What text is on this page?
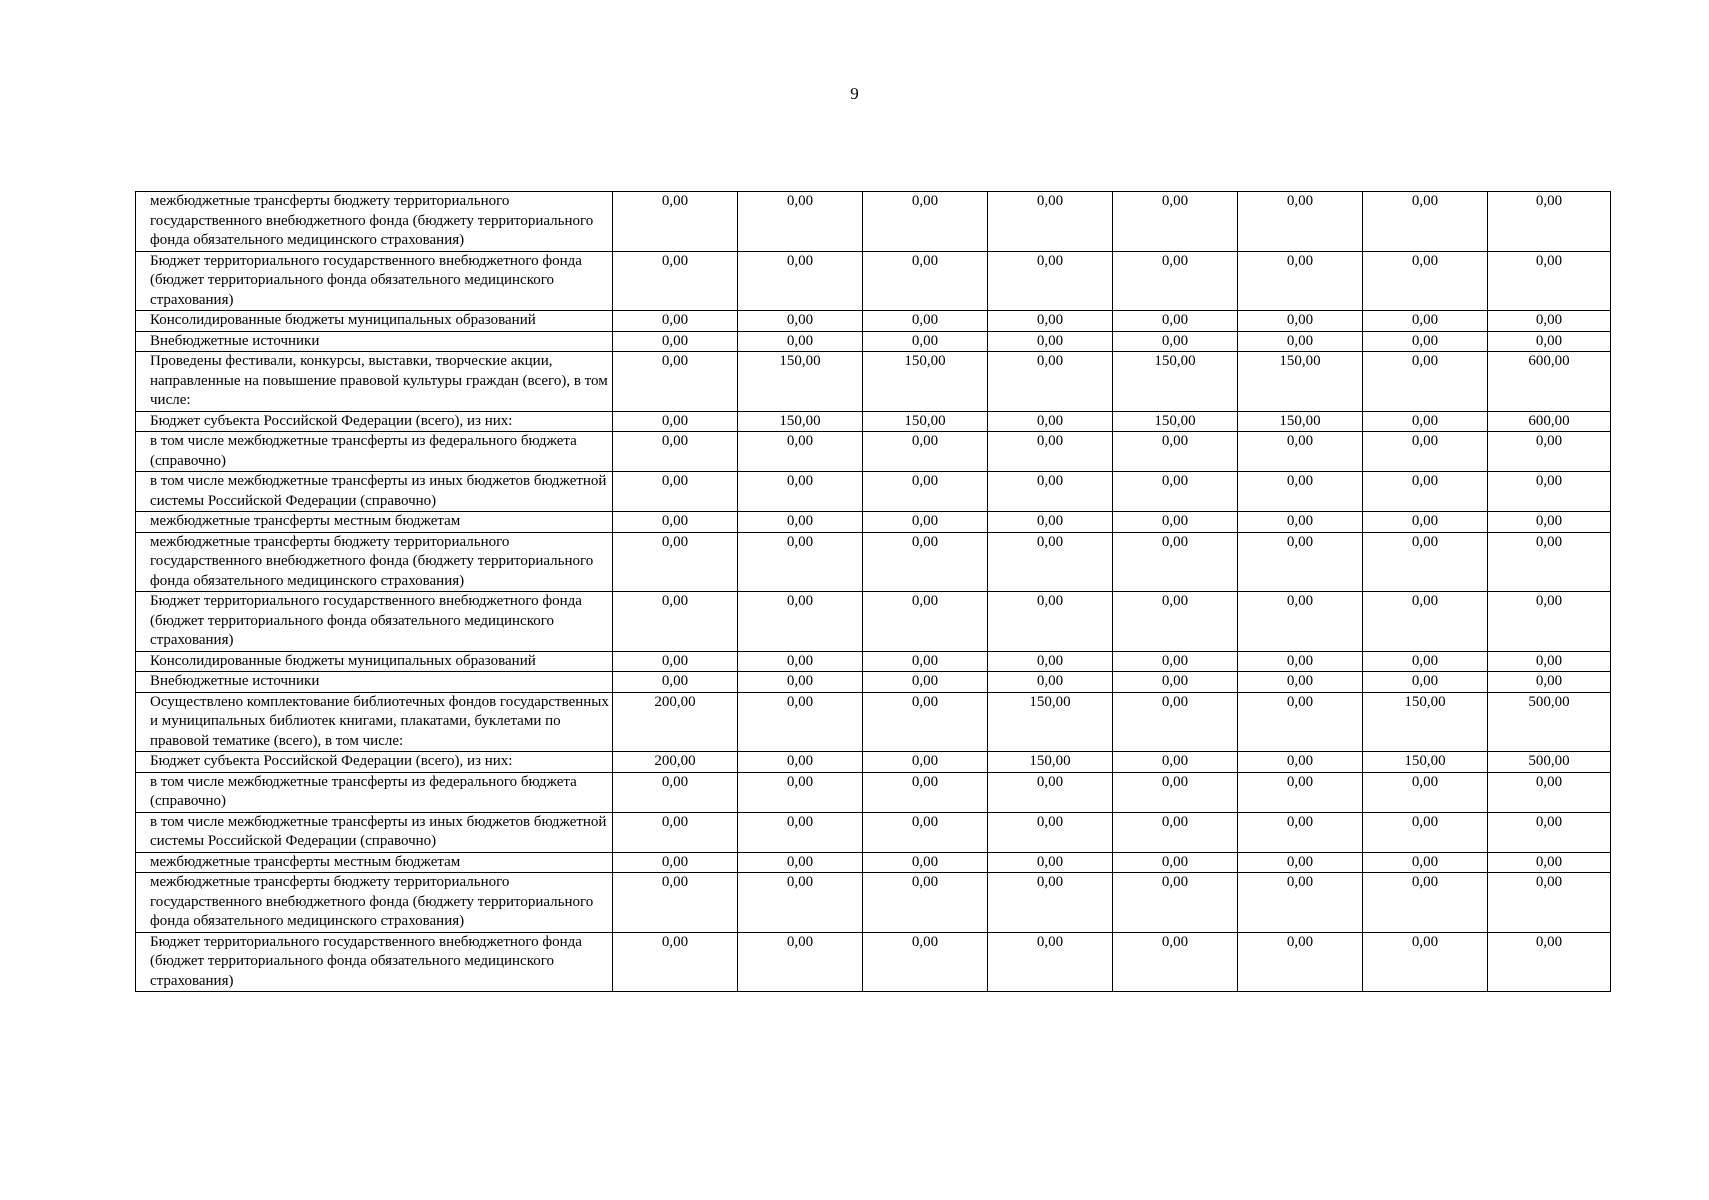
9
межбюджетные трансферты бюджету территориального государственного внебюджетного фонда (бюджету территориального фонда обязательного медицинского страхования)	0,00	0,00	0,00	0,00	0,00	0,00	0,00	0,00
Бюджет территориального государственного внебюджетного фонда (бюджет территориального фонда обязательного медицинского страхования)	0,00	0,00	0,00	0,00	0,00	0,00	0,00	0,00
Консолидированные бюджеты муниципальных образований	0,00	0,00	0,00	0,00	0,00	0,00	0,00	0,00
Внебюджетные источники	0,00	0,00	0,00	0,00	0,00	0,00	0,00	0,00
Проведены фестивали, конкурсы, выставки, творческие акции, направленные на повышение правовой культуры граждан (всего), в том числе:	0,00	150,00	150,00	0,00	150,00	150,00	0,00	600,00
Бюджет субъекта Российской Федерации (всего), из них:	0,00	150,00	150,00	0,00	150,00	150,00	0,00	600,00
в том числе межбюджетные трансферты из федерального бюджета (справочно)	0,00	0,00	0,00	0,00	0,00	0,00	0,00	0,00
в том числе межбюджетные трансферты из иных бюджетов бюджетной системы Российской Федерации (справочно)	0,00	0,00	0,00	0,00	0,00	0,00	0,00	0,00
межбюджетные трансферты местным бюджетам	0,00	0,00	0,00	0,00	0,00	0,00	0,00	0,00
межбюджетные трансферты бюджету территориального государственного внебюджетного фонда (бюджету территориального фонда обязательного медицинского страхования)	0,00	0,00	0,00	0,00	0,00	0,00	0,00	0,00
Бюджет территориального государственного внебюджетного фонда (бюджет территориального фонда обязательного медицинского страхования)	0,00	0,00	0,00	0,00	0,00	0,00	0,00	0,00
Консолидированные бюджеты муниципальных образований	0,00	0,00	0,00	0,00	0,00	0,00	0,00	0,00
Внебюджетные источники	0,00	0,00	0,00	0,00	0,00	0,00	0,00	0,00
Осуществлено комплектование библиотечных фондов государственных и муниципальных библиотек книгами, плакатами, буклетами по правовой тематике (всего), в том числе:	200,00	0,00	0,00	150,00	0,00	0,00	150,00	500,00
Бюджет субъекта Российской Федерации (всего), из них:	200,00	0,00	0,00	150,00	0,00	0,00	150,00	500,00
в том числе межбюджетные трансферты из федерального бюджета (справочно)	0,00	0,00	0,00	0,00	0,00	0,00	0,00	0,00
в том числе межбюджетные трансферты из иных бюджетов бюджетной системы Российской Федерации (справочно)	0,00	0,00	0,00	0,00	0,00	0,00	0,00	0,00
межбюджетные трансферты местным бюджетам	0,00	0,00	0,00	0,00	0,00	0,00	0,00	0,00
межбюджетные трансферты бюджету территориального государственного внебюджетного фонда (бюджету территориального фонда обязательного медицинского страхования)	0,00	0,00	0,00	0,00	0,00	0,00	0,00	0,00
Бюджет территориального государственного внебюджетного фонда (бюджет территориального фонда обязательного медицинского страхования)	0,00	0,00	0,00	0,00	0,00	0,00	0,00	0,00
